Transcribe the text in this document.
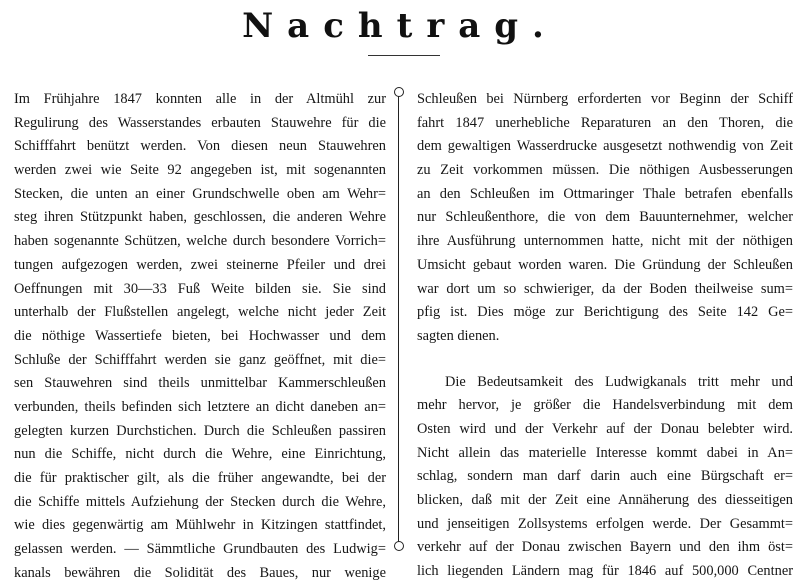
Nachtrag.
Im Frühjahre 1847 konnten alle in der Altmühl zur
Regulirung des Wasserstandes erbauten Stauwehre für die
Schifffahrt benützt werden. Von diesen neun Stauwehren
werden zwei wie Seite 92 angegeben ist, mit sogenannten
Stecken, die unten an einer Grundschwelle oben am Wehr=
steg ihren Stützpunkt haben, geschlossen, die anderen Wehre
haben sogenannte Schützen, welche durch besondere Vorrich=
tungen aufgezogen werden, zwei steinerne Pfeiler und drei
Oeffnungen mit 30—33 Fuß Weite bilden sie. Sie sind
unterhalb der Flußstellen angelegt, welche nicht jeder Zeit
die nöthige Wassertiefe bieten, bei Hochwasser und dem
Schluße der Schifffahrt werden sie ganz geöffnet, mit die=
sen Stauwehren sind theils unmittelbar Kammerschleußen
verbunden, theils befinden sich letztere an dicht daneben an=
gelegten kurzen Durchstichen. Durch die Schleußen passiren
nun die Schiffe, nicht durch die Wehre, eine Einrichtung,
die für praktischer gilt, als die früher angewandte, bei der
die Schiffe mittels Aufziehung der Stecken durch die Wehre,
wie dies gegenwärtig am Mühlwehr in Kitzingen stattfindet,
gelassen werden. — Sämmtliche Grundbauten des Ludwig=
kanals bewähren die Solidität des Baues, nur wenige
Schleußen bei Nürnberg erforderten vor Beginn der Schiff
fahrt 1847 unerhebliche Reparaturen an den Thoren, die
dem gewaltigen Wasserdrucke ausgesetzt nothwendig von Zeit
zu Zeit vorkommen müssen. Die nöthigen Ausbesserungen
an den Schleußen im Ottmaringer Thale betrafen ebenfalls
nur Schleußenthore, die von dem Bauunternehmer, welcher
ihre Ausführung unternommen hatte, nicht mit der nöthigen
Umsicht gebaut worden waren. Die Gründung der Schleußen
war dort um so schwieriger, da der Boden theilweise sum=
pfig ist. Dies möge zur Berichtigung des Seite 142 Ge=
sagten dienen.
Die Bedeutsamkeit des Ludwigkanals tritt mehr und
mehr hervor, je größer die Handelsverbindung mit dem
Osten wird und der Verkehr auf der Donau belebter wird.
Nicht allein das materielle Interesse kommt dabei in An=
schlag, sondern man darf darin auch eine Bürgschaft er=
blicken, daß mit der Zeit eine Annäherung des diesseitigen
und jenseitigen Zollsystems erfolgen werde. Der Gesammt=
verkehr auf der Donau zwischen Bayern und den ihm öst=
lich liegenden Ländern mag für 1846 auf 500,000 Centner
